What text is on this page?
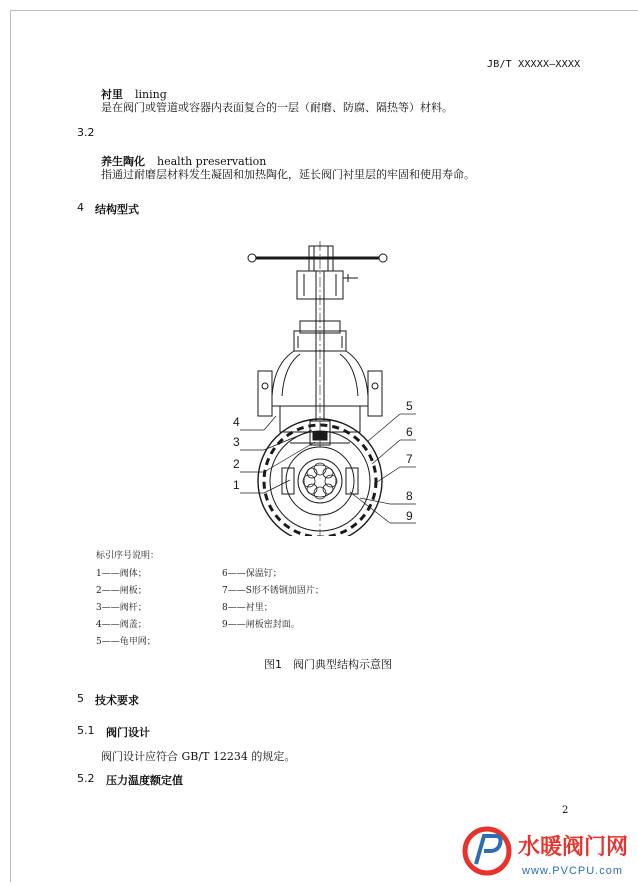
JB/T XXXXX—XXXX
衬里 lining
是在阀门或管道或容器内表面复合的一层（耐磨、防腐、隔热等）材料。
3.2
养生陶化 health preservation
指通过耐磨层材料发生凝固和加热陶化，延长阀门衬里层的牢固和使用寿命。
4 结构型式
4
3
2
1
5
6
7
8
9
标引序号说明：
1——阀体；
2——闸板；
3——阀杆；
4——阀盖；
5——龟甲网；
6——保温钉；
7——S形不锈钢加固片；
8——衬里；
9——闸板密封面。
图1　阀门典型结构示意图
5 技术要求
5.1 阀门设计
阀门设计应符合 GB/T 12234 的规定。
5.2 压力温度额定值
2
水暖阀门网
www.PVCPU.com
